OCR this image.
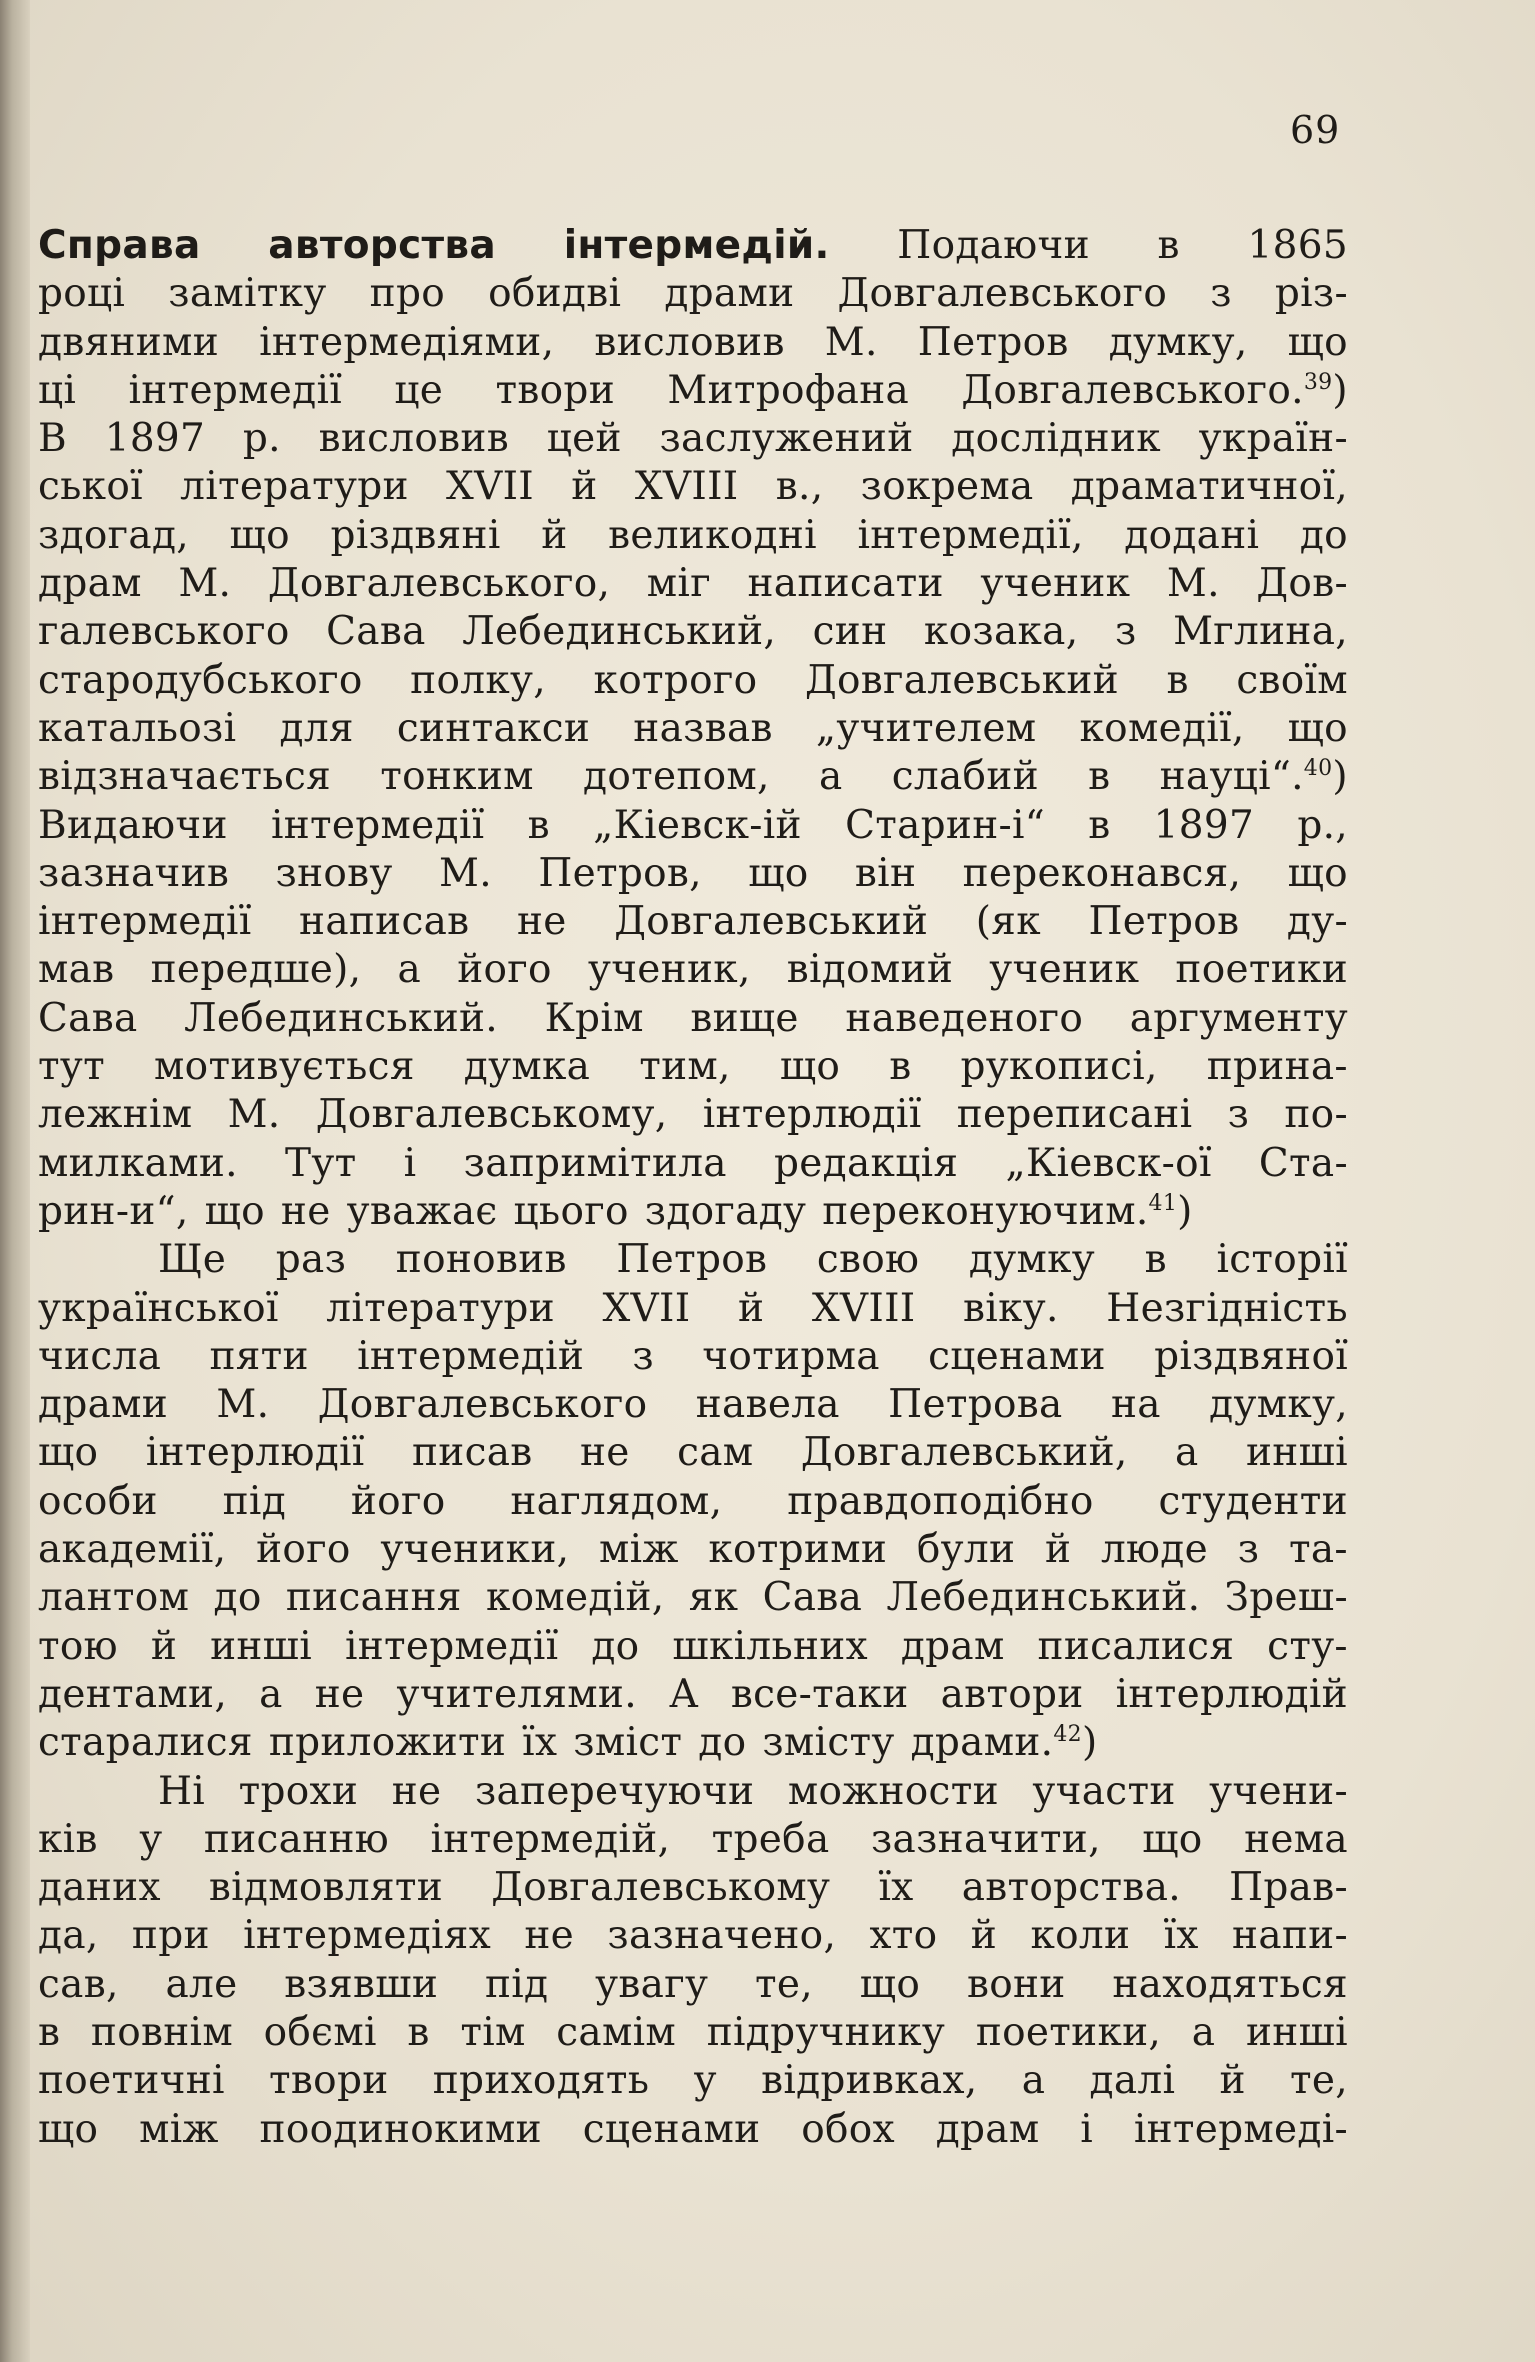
69
Справа авторства інтермедій. Подаючи в 1865
році замітку про обидві драми Довгалевського з різ-
двяними інтермедіями, висловив М. Петров думку, що
ці інтермедії це твори Митрофана Довгалевського.$^{39}$)
В 1897 р. висловив цей заслужений дослідник україн-
ської літератури XVII й XVIII в., зокрема драматичної,
здогад, що різдвяні й великодні інтермедії, додані до
драм М. Довгалевського, міг написати ученик М. Дов-
галевського Сава Лебединський, син козака, з Мглина,
стародубського полку, котрого Довгалевський в своїм
катальозі для синтакси назвав „учителем комедії, що
відзначається тонким дотепом, а слабий в науці“.$^{40}$)
Видаючи інтермедії в „Кіевск-ій Старин-і“ в 1897 р.,
зазначив знову М. Петров, що він переконався, що
інтермедії написав не Довгалевський (як Петров ду-
мав передше), а його ученик, відомий ученик поетики
Сава Лебединський. Крім вище наведеного аргументу
тут мотивується думка тим, що в рукописі, прина-
лежнім М. Довгалевському, інтерлюдії переписані з по-
милками. Тут і запримітила редакція „Кіевск-ої Ста-
рин-и“, що не уважає цього здогаду переконуючим.$^{41}$)
Ще раз поновив Петров свою думку в історії
української літератури XVII й XVIII віку. Незгідність
числа пяти інтермедій з чотирма сценами різдвяної
драми М. Довгалевського навела Петрова на думку,
що інтерлюдії писав не сам Довгалевський, а инші
особи під його наглядом, правдоподібно студенти
академії, його ученики, між котрими були й люде з та-
лантом до писання комедій, як Сава Лебединський. Зреш-
тою й инші інтермедії до шкільних драм писалися сту-
дентами, а не учителями. А все-таки автори інтерлюдій
старалися приложити їх зміст до змісту драми.$^{42}$)
Ні трохи не заперечуючи можности участи учени-
ків у писанню інтермедій, треба зазначити, що нема
даних відмовляти Довгалевському їх авторства. Прав-
да, при інтермедіях не зазначено, хто й коли їх напи-
сав, але взявши під увагу те, що вони находяться
в повнім обємі в тім самім підручнику поетики, а инші
поетичні твори приходять у відривках, а далі й те,
що між поодинокими сценами обох драм і інтермеді-
